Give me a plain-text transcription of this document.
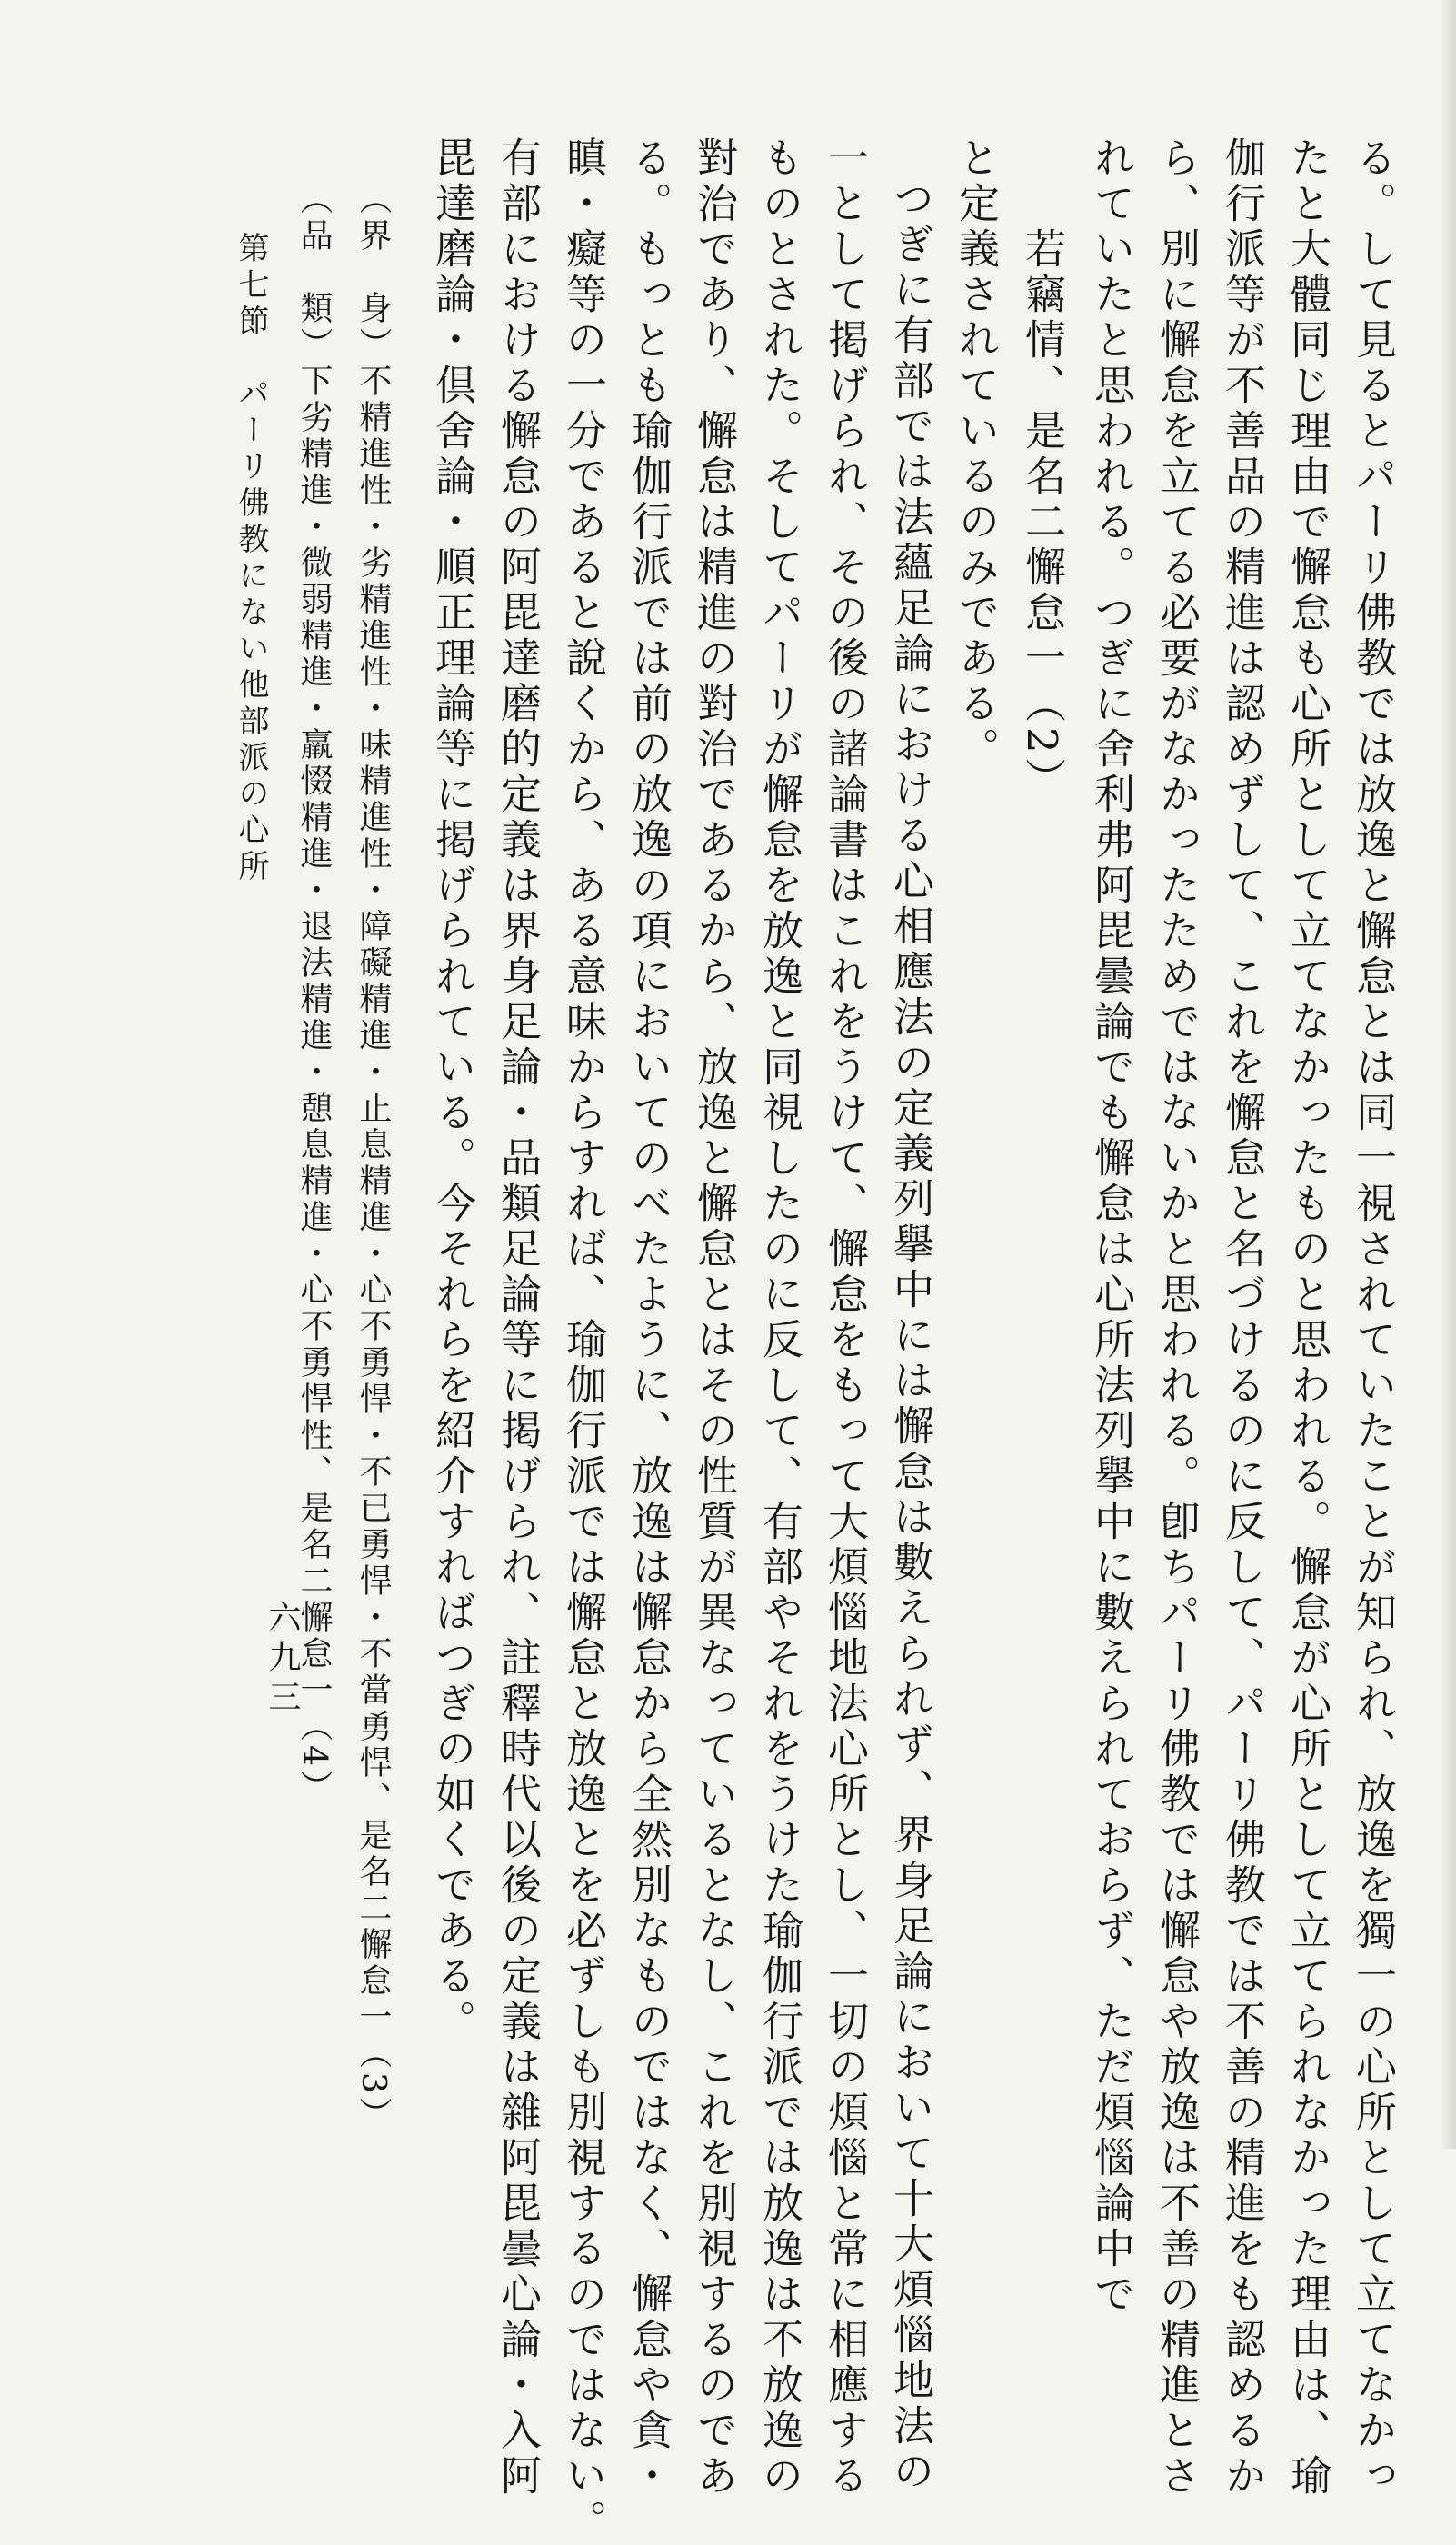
る。して見るとパーリ佛教では放逸と懈怠とは同一視されていたことが知られ、放逸を獨一の心所として立てなかっ
たと大體同じ理由で懈怠も心所として立てなかったものと思われる。懈怠が心所として立てられなかった理由は、瑜
伽行派等が不善品の精進は認めずして、これを懈怠と名づけるのに反して、パーリ佛教では不善の精進をも認めるか
ら、別に懈怠を立てる必要がなかったためではないかと思われる。卽ちパーリ佛教では懈怠や放逸は不善の精進とさ
れていたと思われる。つぎに舍利弗阿毘曇論でも懈怠は心所法列擧中に數えられておらず、ただ煩惱論中で
若竊情、是名二懈怠一（2）
と定義されているのみである。
つぎに有部では法蘊足論における心相應法の定義列擧中には懈怠は數えられず、界身足論において十大煩惱地法の
一として掲げられ、その後の諸論書はこれをうけて、懈怠をもって大煩惱地法心所とし、一切の煩惱と常に相應する
ものとされた。そしてパーリが懈怠を放逸と同視したのに反して、有部やそれをうけた瑜伽行派では放逸は不放逸の
對治であり、懈怠は精進の對治であるから、放逸と懈怠とはその性質が異なっているとなし、これを別視するのであ
る。もっとも瑜伽行派では前の放逸の項においてのべたように、放逸は懈怠から全然別なものではなく、懈怠や貪・
瞋・癡等の一分であると說くから、ある意味からすれば、瑜伽行派では懈怠と放逸とを必ずしも別視するのではない。
有部における懈怠の阿毘達磨的定義は界身足論・品類足論等に掲げられ、註釋時代以後の定義は雜阿毘曇心論・入阿
毘達磨論・倶舍論・順正理論等に掲げられている。今それらを紹介すればつぎの如くである。
（界　身）不精進性・劣精進性・味精進性・障礙精進・止息精進・心不勇悍・不已勇悍・不當勇悍、是名二懈怠一（3）
（品　類）下劣精進・微弱精進・羸惙精進・退法精進・憩息精進・心不勇悍性、是名二懈怠一（4）
第七節　パーリ佛教にない他部派の心所
六九三
